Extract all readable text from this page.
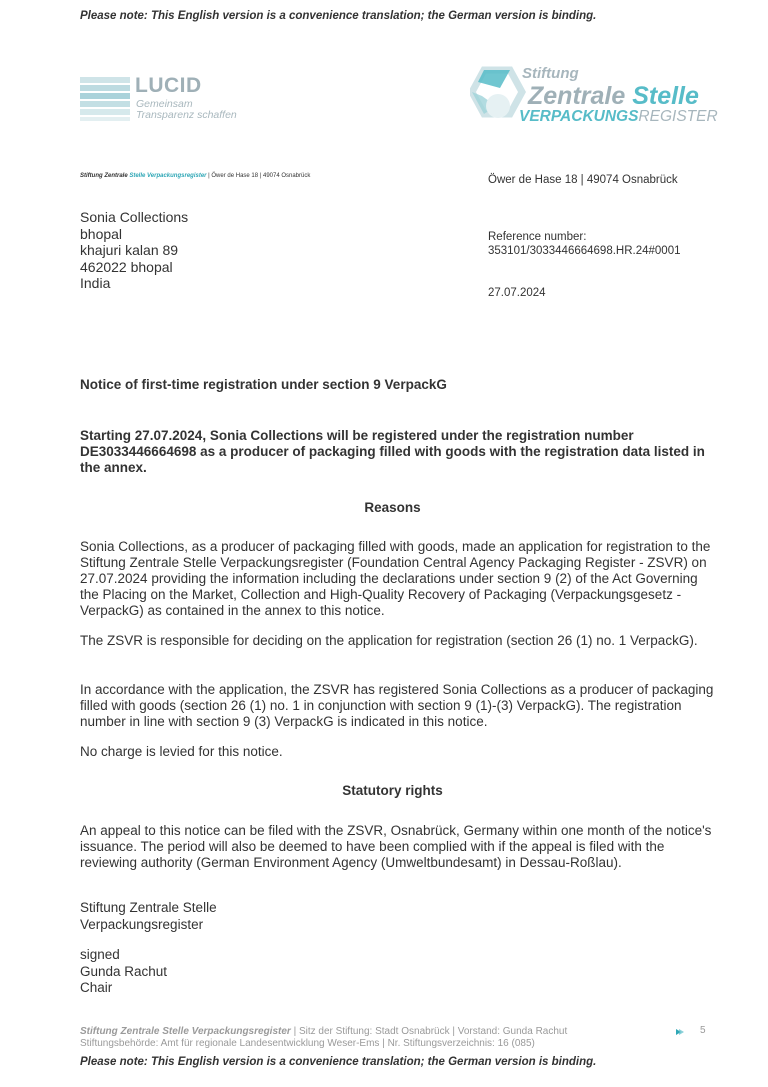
Please note: This English version is a convenience translation; the German version is binding.
LUCID
Gemeinsam
Transparenz schaffen
Stiftung
Zentrale Stelle
VERPACKUNGSREGISTER
Stiftung Zentrale Stelle Verpackungsregister | Öwer de Hase 18 | 49074 Osnabrück	Öwer de Hase 18 | 49074 Osnabrück
Sonia Collections
bhopal
khajuri kalan 89
462022 bhopal
India
Reference number:
353101/3033446664698.HR.24#0001
27.07.2024
Notice of first-time registration under section 9 VerpackG
Starting 27.07.2024, Sonia Collections will be registered under the registration number DE3033446664698 as a producer of packaging filled with goods with the registration data listed in the annex.
Reasons
Sonia Collections, as a producer of packaging filled with goods, made an application for registration to the Stiftung Zentrale Stelle Verpackungsregister (Foundation Central Agency Packaging Register - ZSVR) on 27.07.2024 providing the information including the declarations under section 9 (2) of the Act Governing the Placing on the Market, Collection and High-Quality Recovery of Packaging (Verpackungsgesetz - VerpackG) as contained in the annex to this notice.
The ZSVR is responsible for deciding on the application for registration (section 26 (1) no. 1 VerpackG).
In accordance with the application, the ZSVR has registered Sonia Collections as a producer of packaging filled with goods (section 26 (1) no. 1 in conjunction with section 9 (1)-(3) VerpackG). The registration number in line with section 9 (3) VerpackG is indicated in this notice.
No charge is levied for this notice.
Statutory rights
An appeal to this notice can be filed with the ZSVR, Osnabrück, Germany within one month of the notice's issuance. The period will also be deemed to have been complied with if the appeal is filed with the reviewing authority (German Environment Agency (Umweltbundesamt) in Dessau-Roßlau).
Stiftung Zentrale Stelle
Verpackungsregister
signed
Gunda Rachut
Chair
Stiftung Zentrale Stelle Verpackungsregister | Sitz der Stiftung: Stadt Osnabrück | Vorstand: Gunda Rachut
Stiftungsbehörde: Amt für regionale Landesentwicklung Weser-Ems | Nr. Stiftungsverzeichnis: 16 (085)
5
Please note: This English version is a convenience translation; the German version is binding.
